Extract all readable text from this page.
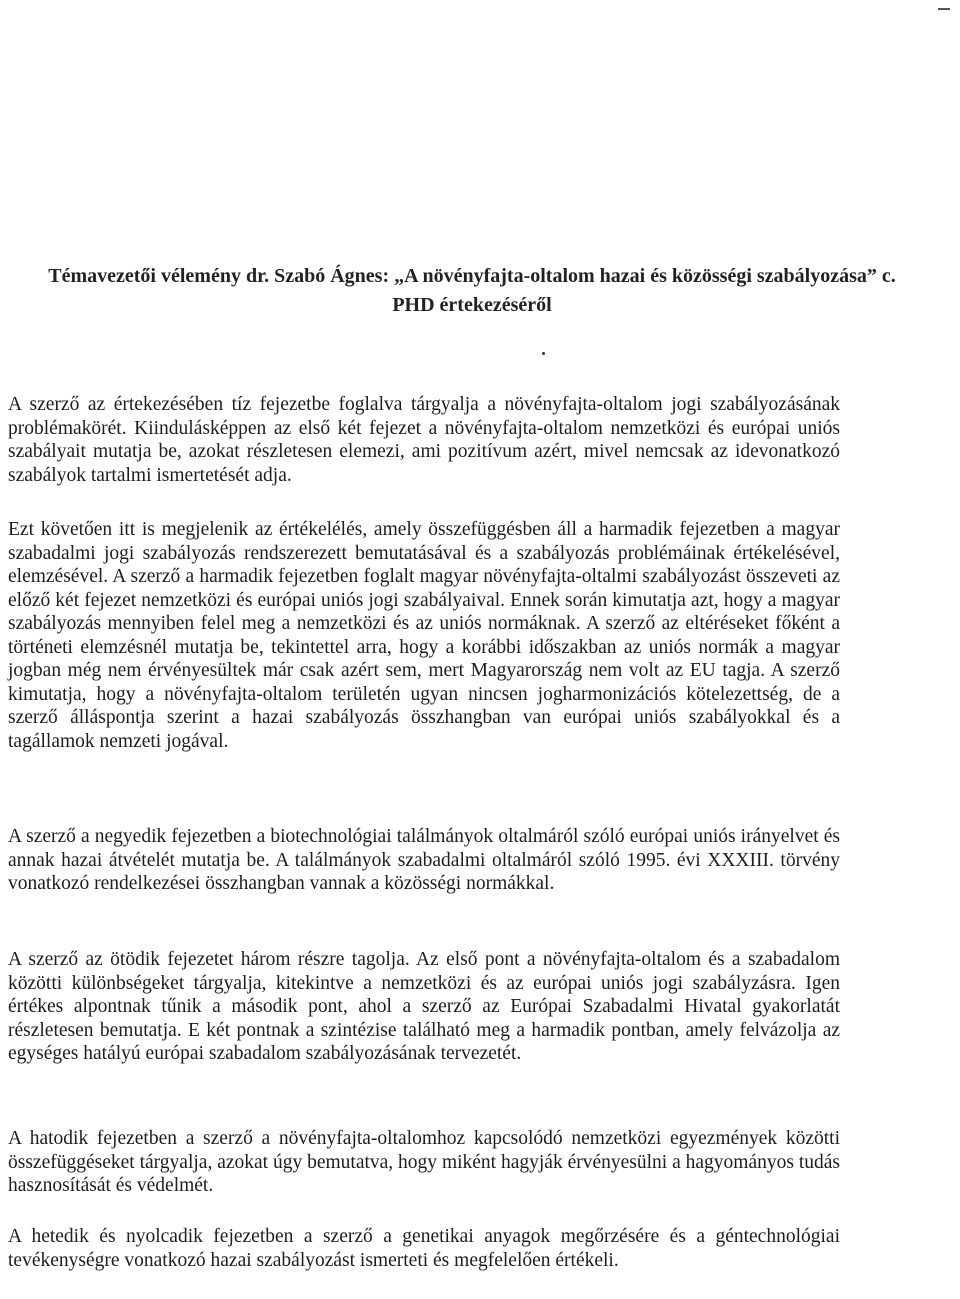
Témavezetői vélemény dr. Szabó Ágnes: „A növényfajta-oltalom hazai és közösségi szabályozása” c. PHD értekezéséről

A szerző az értekezésében tíz fejezetbe foglalva tárgyalja a növényfajta-oltalom jogi szabályozásának problémakörét. Kiindulásképpen az első két fejezet a növényfajta-oltalom nemzetközi és európai uniós szabályait mutatja be, azokat részletesen elemezi, ami pozitívum azért, mivel nemcsak az idevonatkozó szabályok tartalmi ismertetését adja.

Ezt követően itt is megjelenik az értékelélés, amely összefüggésben áll a harmadik fejezetben a magyar szabadalmi jogi szabályozás rendszerezett bemutatásával és a szabályozás problémáinak értékelésével, elemzésével. A szerző a harmadik fejezetben foglalt magyar növényfajta-oltalmi szabályozást összeveti az előző két fejezet nemzetközi és európai uniós jogi szabályaival. Ennek során kimutatja azt, hogy a magyar szabályozás mennyiben felel meg a nemzetközi és az uniós normáknak. A szerző az eltéréseket főként a történeti elemzésnél mutatja be, tekintettel arra, hogy a korábbi időszakban az uniós normák a magyar jogban még nem érvényesültek már csak azért sem, mert Magyarország nem volt az EU tagja. A szerző kimutatja, hogy a növényfajta-oltalom területén ugyan nincsen jogharmonizációs kötelezettség, de a szerző álláspontja szerint a hazai szabályozás összhangban van európai uniós szabályokkal és a tagállamok nemzeti jogával.

A szerző a negyedik fejezetben a biotechnológiai találmányok oltalmáról szóló európai uniós irányelvet és annak hazai átvételét mutatja be. A találmányok szabadalmi oltalmáról szóló 1995. évi XXXIII. törvény vonatkozó rendelkezései összhangban vannak a közösségi normákkal.

A szerző az ötödik fejezetet három részre tagolja. Az első pont a növényfajta-oltalom és a szabadalom közötti különbségeket tárgyalja, kitekintve a nemzetközi és az európai uniós jogi szabályzásra. Igen értékes alpontnak tűnik a második pont, ahol a szerző az Európai Szabadalmi Hivatal gyakorlatát részletesen bemutatja. E két pontnak a szintézise található meg a harmadik pontban, amely felvázolja az egységes hatályú európai szabadalom szabályozásának tervezetét.

A hatodik fejezetben a szerző a növényfajta-oltalomhoz kapcsolódó nemzetközi egyezmények közötti összefüggéseket tárgyalja, azokat úgy bemutatva, hogy miként hagyják érvényesülni a hagyományos tudás hasznosítását és védelmét.

A hetedik és nyolcadik fejezetben a szerző a genetikai anyagok megőrzésére és a géntechnológiai tevékenységre vonatkozó hazai szabályozást ismerteti és megfelelően értékeli.
